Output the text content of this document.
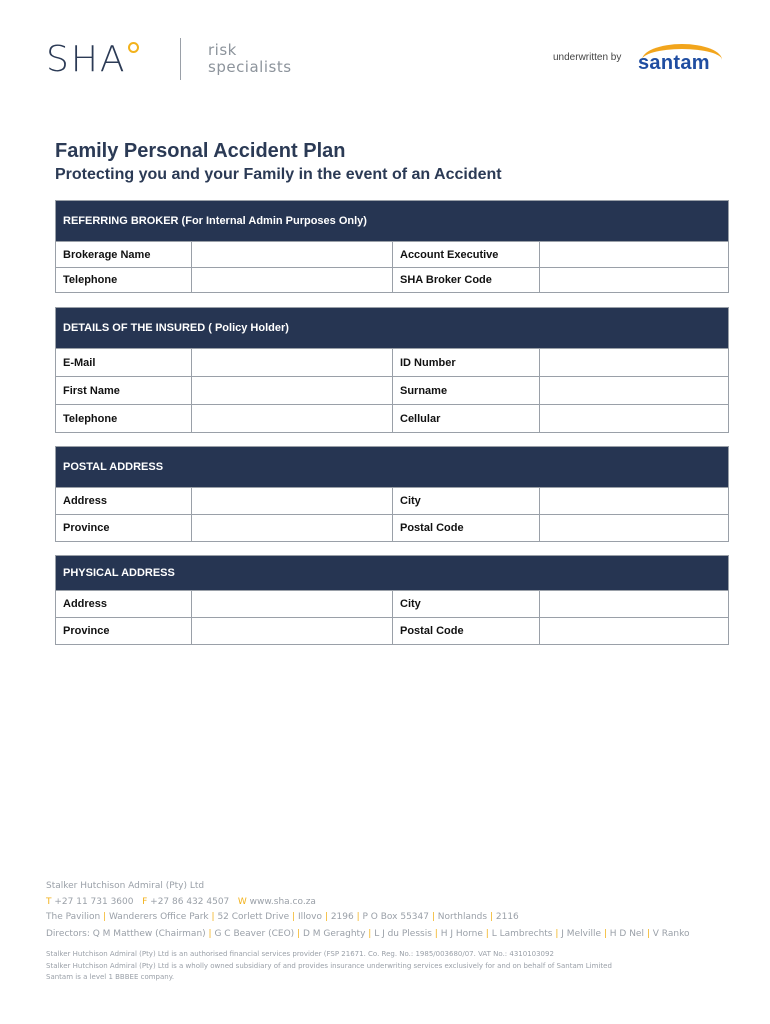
SHA	risk
specialists
underwritten by santam
Family Personal Accident Plan
Protecting you and your Family in the event of an Accident
REFERRING BROKER (For Internal Admin Purposes Only)
Brokerage Name	Account Executive
Telephone	SHA Broker Code
DETAILS OF THE INSURED ( Policy Holder)
E-Mail	ID Number
First Name	Surname
Telephone	Cellular
POSTAL ADDRESS
Address	City
Province	Postal Code
PHYSICAL ADDRESS
Address	City
Province	Postal Code
Stalker Hutchison Admiral (Pty) Ltd
T +27 11 731 3600 F +27 86 432 4507 W www.sha.co.za
The Pavilion | Wanderers Office Park | 52 Corlett Drive | Illovo | 2196 | P O Box 55347 | Northlands | 2116
Directors: Q M Matthew (Chairman) | G C Beaver (CEO) | D M Geraghty | L J du Plessis | H J Horne | L Lambrechts | J Melville | H D Nel | V Ranko
Stalker Hutchison Admiral (Pty) Ltd is an authorised financial services provider (FSP 21671. Co. Reg. No.: 1985/003680/07. VAT No.: 4310103092
Stalker Hutchison Admiral (Pty) Ltd is a wholly owned subsidiary of and provides insurance underwriting services exclusively for and on behalf of Santam Limited
Santam is a level 1 BBBEE company.
